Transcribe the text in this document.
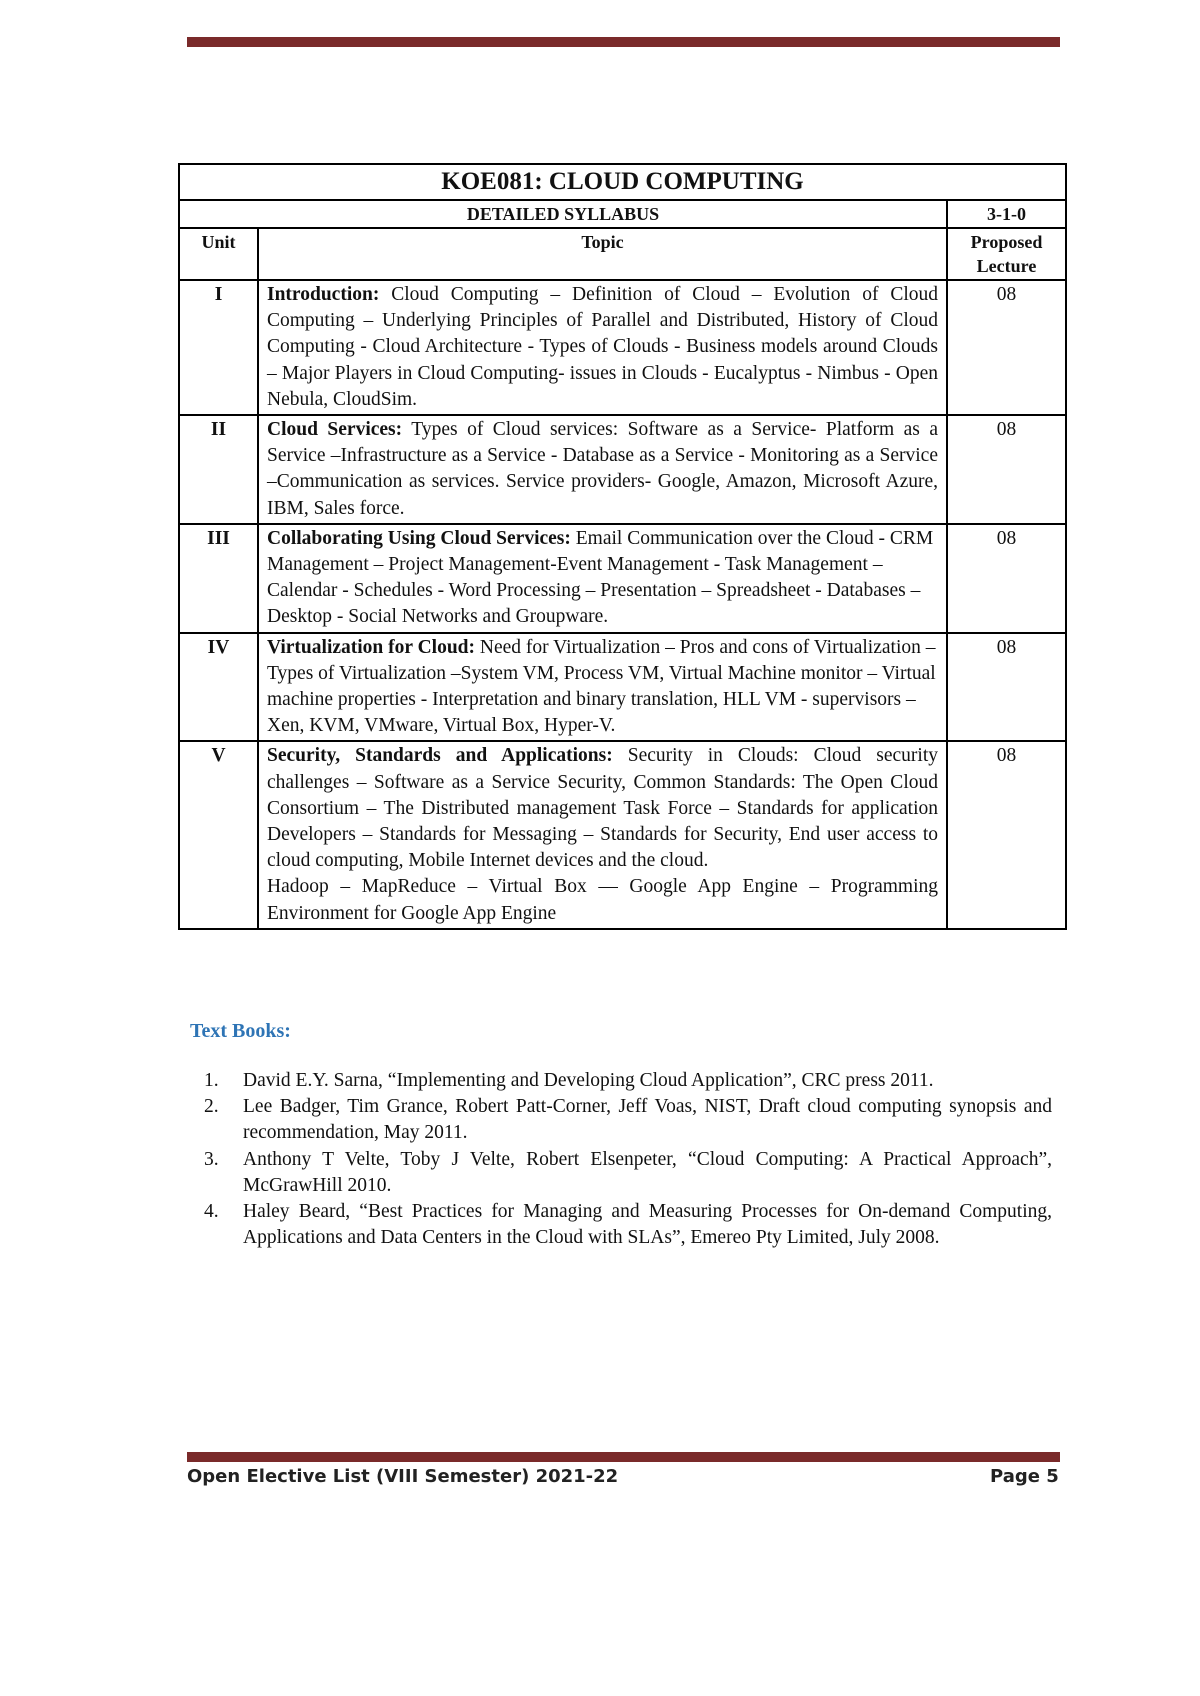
KOE081: CLOUD COMPUTING		
DETAILED SYLLABUS		3-1-0
Unit	Topic	Proposed Lecture
I	Introduction: Cloud Computing – Definition of Cloud – Evolution of Cloud Computing – Underlying Principles of Parallel and Distributed, History of Cloud Computing - Cloud Architecture - Types of Clouds - Business models around Clouds – Major Players in Cloud Computing- issues in Clouds - Eucalyptus - Nimbus - Open Nebula, CloudSim.	08
II	Cloud Services: Types of Cloud services: Software as a Service- Platform as a Service –Infrastructure as a Service - Database as a Service - Monitoring as a Service –Communication as services. Service providers- Google, Amazon, Microsoft Azure, IBM, Sales force.	08
III	Collaborating Using Cloud Services: Email Communication over the Cloud - CRM Management – Project Management-Event Management - Task Management – Calendar - Schedules - Word Processing – Presentation – Spreadsheet - Databases – Desktop - Social Networks and Groupware.	08
IV	Virtualization for Cloud: Need for Virtualization – Pros and cons of Virtualization – Types of Virtualization –System VM, Process VM, Virtual Machine monitor – Virtual machine properties - Interpretation and binary translation, HLL VM - supervisors – Xen, KVM, VMware, Virtual Box, Hyper-V.	08
V	Security, Standards and Applications: Security in Clouds: Cloud security challenges – Software as a Service Security, Common Standards: The Open Cloud Consortium – The Distributed management Task Force – Standards for application Developers – Standards for Messaging – Standards for Security, End user access to cloud computing, Mobile Internet devices and the cloud.
Hadoop – MapReduce – Virtual Box — Google App Engine – Programming Environment for Google App Engine	08
Text Books:
1. David E.Y. Sarna, “Implementing and Developing Cloud Application”, CRC press 2011.
2. Lee Badger, Tim Grance, Robert Patt-Corner, Jeff Voas, NIST, Draft cloud computing synopsis and recommendation, May 2011.
3. Anthony T Velte, Toby J Velte, Robert Elsenpeter, “Cloud Computing: A Practical Approach”, McGrawHill 2010.
4. Haley Beard, “Best Practices for Managing and Measuring Processes for On-demand Computing, Applications and Data Centers in the Cloud with SLAs”, Emereo Pty Limited, July 2008.
Open Elective List (VIII Semester) 2021-22	Page 5
